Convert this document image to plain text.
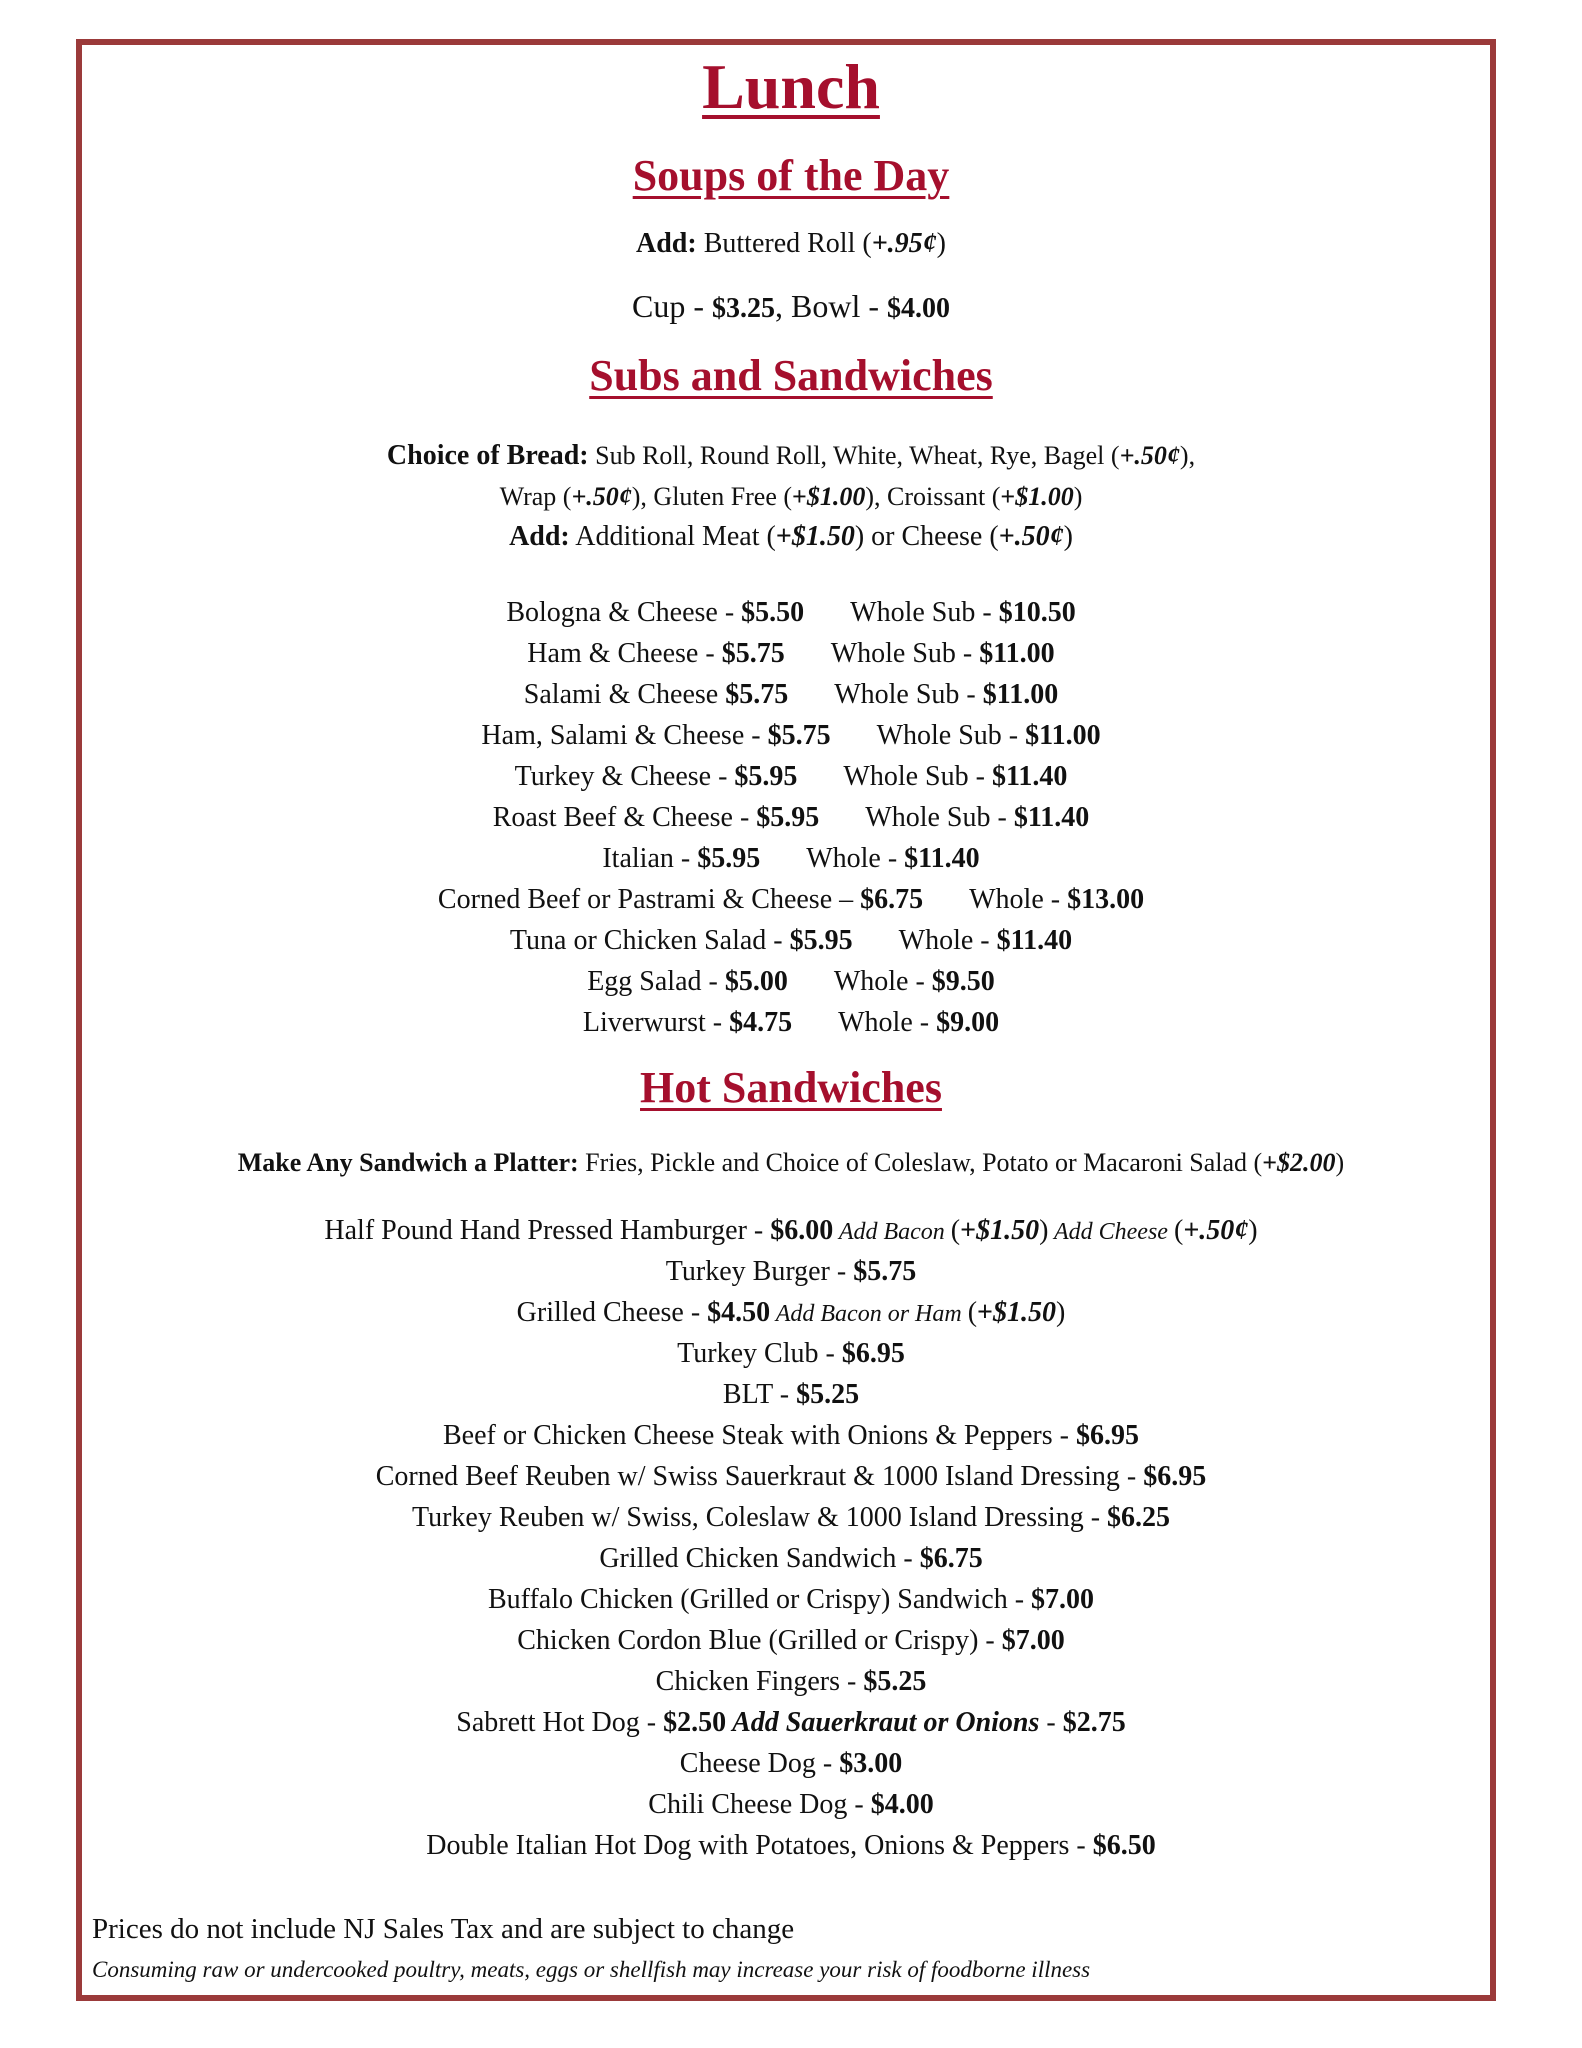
Lunch
Soups of the Day
Add: Buttered Roll (+.95¢)
Cup - $3.25, Bowl - $4.00
Subs and Sandwiches
Choice of Bread: Sub Roll, Round Roll, White, Wheat, Rye, Bagel (+.50¢),
Wrap (+.50¢), Gluten Free (+$1.00), Croissant (+$1.00)
Add: Additional Meat (+$1.50) or Cheese (+.50¢)
Bologna & Cheese - $5.50 Whole Sub - $10.50
Ham & Cheese - $5.75 Whole Sub - $11.00
Salami & Cheese $5.75 Whole Sub - $11.00
Ham, Salami & Cheese - $5.75 Whole Sub - $11.00
Turkey & Cheese - $5.95 Whole Sub - $11.40
Roast Beef & Cheese - $5.95 Whole Sub - $11.40
Italian - $5.95 Whole - $11.40
Corned Beef or Pastrami & Cheese – $6.75 Whole - $13.00
Tuna or Chicken Salad - $5.95 Whole - $11.40
Egg Salad - $5.00 Whole - $9.50
Liverwurst - $4.75 Whole - $9.00
Hot Sandwiches
Make Any Sandwich a Platter: Fries, Pickle and Choice of Coleslaw, Potato or Macaroni Salad (+$2.00)
Half Pound Hand Pressed Hamburger - $6.00 Add Bacon (+$1.50) Add Cheese (+.50¢)
Turkey Burger - $5.75
Grilled Cheese - $4.50 Add Bacon or Ham (+$1.50)
Turkey Club - $6.95
BLT - $5.25
Beef or Chicken Cheese Steak with Onions & Peppers - $6.95
Corned Beef Reuben w/ Swiss Sauerkraut & 1000 Island Dressing - $6.95
Turkey Reuben w/ Swiss, Coleslaw & 1000 Island Dressing - $6.25
Grilled Chicken Sandwich - $6.75
Buffalo Chicken (Grilled or Crispy) Sandwich - $7.00
Chicken Cordon Blue (Grilled or Crispy) - $7.00
Chicken Fingers - $5.25
Sabrett Hot Dog - $2.50 Add Sauerkraut or Onions - $2.75
Cheese Dog - $3.00
Chili Cheese Dog - $4.00
Double Italian Hot Dog with Potatoes, Onions & Peppers - $6.50
Prices do not include NJ Sales Tax and are subject to change
Consuming raw or undercooked poultry, meats, eggs or shellfish may increase your risk of foodborne illness
